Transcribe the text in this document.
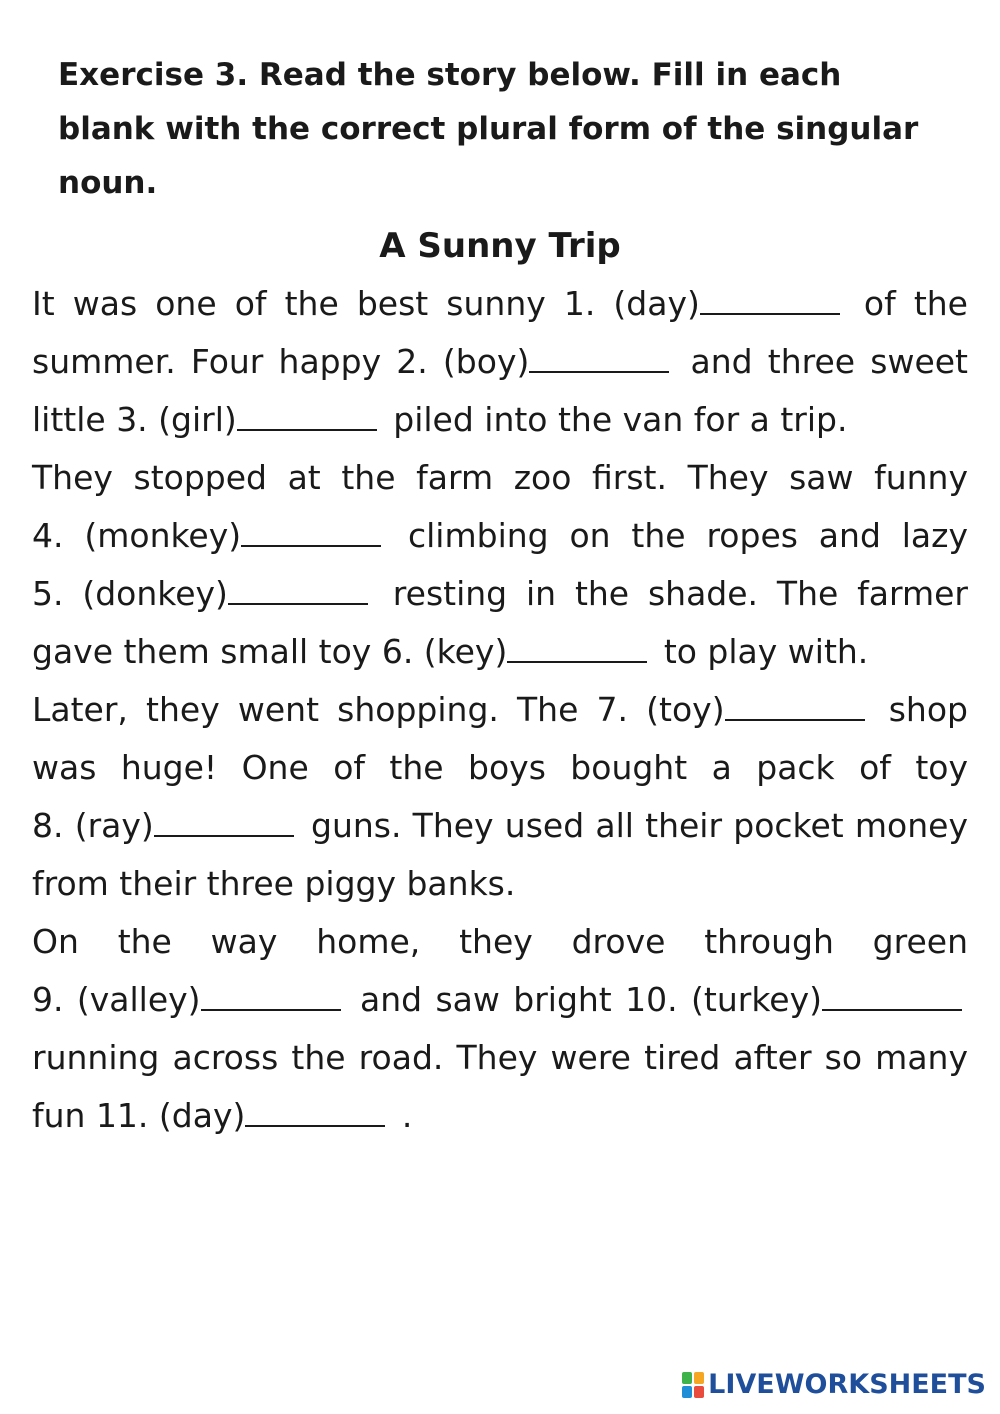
Exercise 3. Read the story below. Fill in each blank with the correct plural form of the singular noun.

A Sunny Trip

It was one of the best sunny 1. (day)	of the summer. Four happy 2. (boy)	and three sweet little 3. (girl)	piled into the van for a trip.

They stopped at the farm zoo first. They saw funny 4. (monkey)	climbing on the ropes and lazy 5. (donkey)	resting in the shade. The farmer gave them small toy 6. (key)	to play with.

Later, they went shopping. The 7. (toy)	shop was huge! One of the boys bought a pack of toy 8. (ray)	guns. They used all their pocket money from their three piggy banks.

On the way home, they drove through green 9. (valley)	and saw bright 10. (turkey) running across the road. They were tired after so many fun 11. (day)	.

LIVEWORKSHEETS
